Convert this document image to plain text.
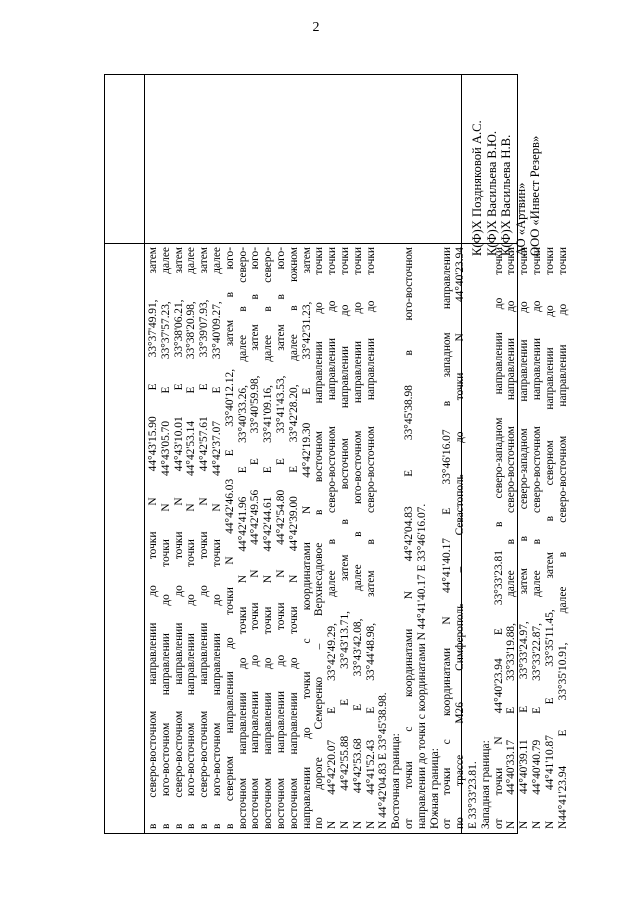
2
в северо-восточном направлении до точки N 44°43'15.90 E 33°37'49.91, затем в юго-восточном направлении до точки N 44°43'05.70 E 33°37'57.23, далее в северо-восточном направлении до точки N 44°43'10.01 E 33°38'06.21, затем в юго-восточном направлении до точки N 44°42'53.14 E 33°38'20.98, далее в северо-восточном направлении до точки N 44°42'57.61 E 33°39'07.93, затем в юго-восточном направлении до точки N 44°42'37.07 E 33°40'09.27, далее в северном направлении до точки N 44°42'46.03 E 33°40'12.12, затем в юго- восточном направлении до точки N 44°42'41.96 E 33°40'33.26, далее в северо- восточном направлении до точки N 44°42'49.56 E 33°40'59.98, затем в юго- восточном направлении до точки N 44°42'44.61 E 33°41'09.16, далее в северо- восточном направлении до точки N 44°42'54.80 E 33°41'43.53, затем в юго- восточном направлении до точки N 44°42'39.00 E 33°42'28.20, далее в южном направлении до точки с координатами N 44°42'19.30 E 33°42'31.23, затем по дороге Семеренко – Верхнесадовое в восточном направлении до точки N 44°42'20.07 E 33°42'49.29, далее в северо-восточном направлении до точки N 44°42'55.88 E 33°43'13.71, затем в восточном направлении до точки N 44°42'53.68 E 33°43'42.08, далее в юго-восточном направлении до точки N 44°41'52.43 E 33°44'48.98, затем в северо-восточном направлении до точки N 44°42'04.83 E 33°45'38.98. Восточная граница: от точки с координатами N 44°42'04.83 E 33°45'38.98 в юго-восточном направлении до точки с координатами N 44°41'40.17 E 33°46'16.07. Южная граница: от точки с координатами N 44°41'40.17 E 33°46'16.07 в западном направлении по трассе М26 Симферополь – Севастополь до точки N 44°40'23.94 E 33°33'23.81. Западная граница: от точки N 44°40'23.94 E 33°33'23.81 в северо-западном направлении до точки N 44°40'33.17 E 33°33'19.88, далее в северо-восточном направлении до точки N 44°40'39.11 E 33°33'24.97, затем в северо-западном направлении до точки N 44°40'40.79 E 33°33'22.87, далее в северо-восточном направлении до точки N 44°41'10.87 E 33°35'11.45, затем в северном направлении до точки N44°41'23.94 E 33°35'10.91, далее в северо-восточном направлении до точки
К(Ф)Х Поздняковой А.С. К(Ф)Х Васильева В.Ю. К(Ф)Х Васильева Н.В. АО «Артвин» ООО «Инвест Резерв»
